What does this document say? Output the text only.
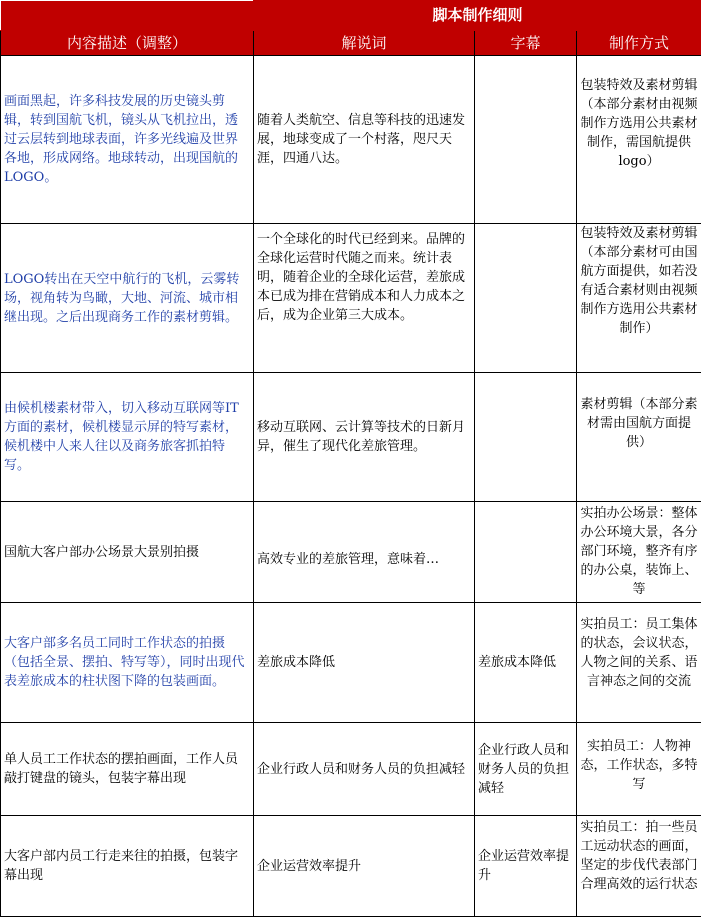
	脚本制作细则		
内容描述（调整）	解说词	字幕	制作方式
画面黑起，许多科技发展的历史镜头剪辑，转到国航飞机，镜头从飞机拉出，透过云层转到地球表面，许多光线遍及世界各地，形成网络。地球转动，出现国航的LOGO。	随着人类航空、信息等科技的迅速发展，地球变成了一个村落，咫尺天涯，四通八达。		包装特效及素材剪辑（本部分素材由视频制作方选用公共素材制作，需国航提供logo）
LOGO转出在天空中航行的飞机，云雾转场，视角转为鸟瞰，大地、河流、城市相继出现。之后出现商务工作的素材剪辑。	一个全球化的时代已经到来。品牌的全球化运营时代随之而来。统计表明，随着企业的全球化运营，差旅成本已成为排在营销成本和人力成本之后，成为企业第三大成本。		包装特效及素材剪辑（本部分素材可由国航方面提供，如若没有适合素材则由视频制作方选用公共素材制作）
由候机楼素材带入，切入移动互联网等IT方面的素材，候机楼显示屏的特写素材，候机楼中人来人往以及商务旅客抓拍特写。	移动互联网、云计算等技术的日新月异，催生了现代化差旅管理。		素材剪辑（本部分素材需由国航方面提供）
国航大客户部办公场景大景别拍摄	高效专业的差旅管理，意味着…		实拍办公场景：整体办公环境大景，各分部门环境，整齐有序的办公桌，装饰上、等
大客户部多名员工同时工作状态的拍摄（包括全景、摆拍、特写等），同时出现代表差旅成本的柱状图下降的包装画面。	差旅成本降低	差旅成本降低	实拍员工：员工集体的状态，会议状态，人物之间的关系、语言神态之间的交流
单人员工工作状态的摆拍画面，工作人员敲打键盘的镜头，包装字幕出现	企业行政人员和财务人员的负担减轻	企业行政人员和财务人员的负担减轻	实拍员工：人物神态，工作状态，多特写
大客户部内员工行走来往的拍摄，包装字幕出现	企业运营效率提升	企业运营效率提升	实拍员工：拍一些员工远动状态的画面，坚定的步伐代表部门合理高效的运行状态
